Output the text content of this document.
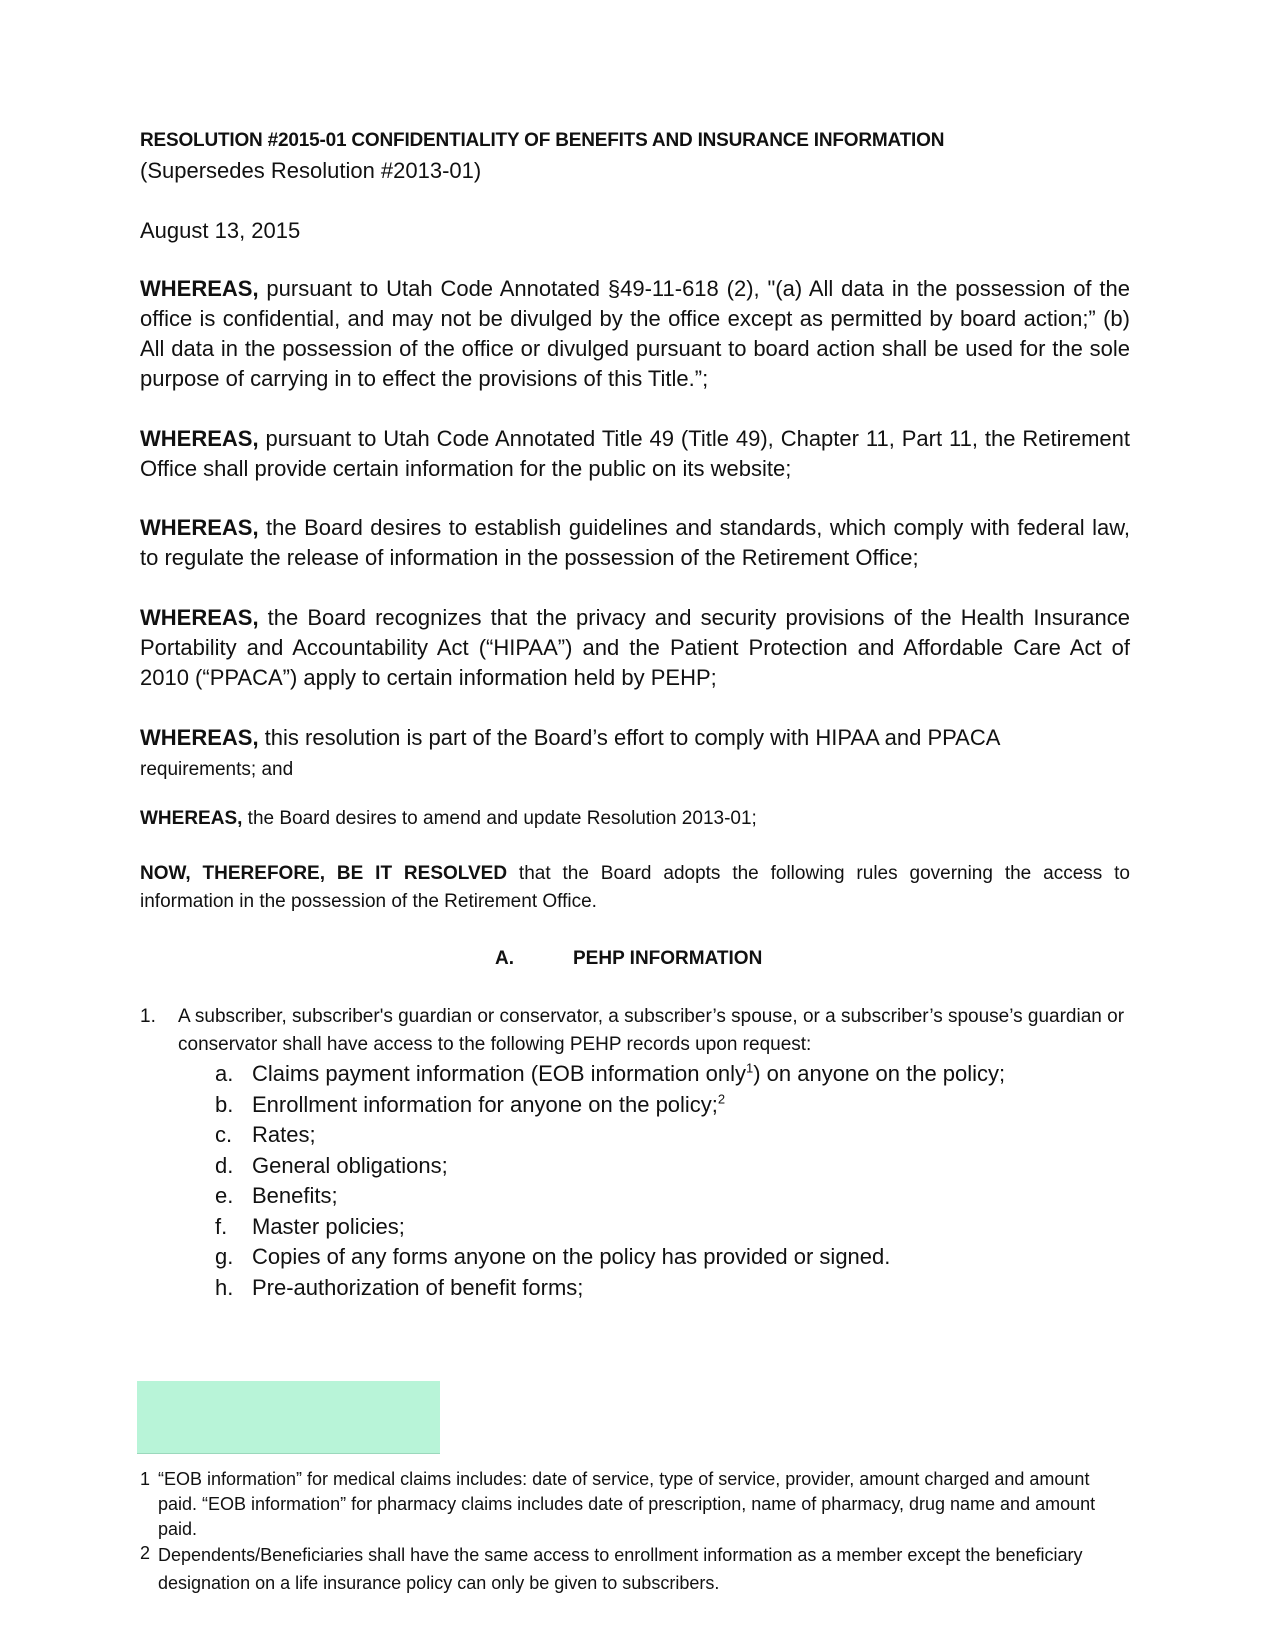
RESOLUTION #2015-01 CONFIDENTIALITY OF BENEFITS AND INSURANCE INFORMATION
(Supersedes Resolution #2013-01)
August 13, 2015
WHEREAS, pursuant to Utah Code Annotated §49-11-618 (2), "(a) All data in the possession of the office is confidential, and may not be divulged by the office except as permitted by board action;” (b) All data in the possession of the office or divulged pursuant to board action shall be used for the sole purpose of carrying in to effect the provisions of this Title.”;
WHEREAS, pursuant to Utah Code Annotated Title 49 (Title 49), Chapter 11, Part 11, the Retirement Office shall provide certain information for the public on its website;
WHEREAS, the Board desires to establish guidelines and standards, which comply with federal law, to regulate the release of information in the possession of the Retirement Office;
WHEREAS, the Board recognizes that the privacy and security provisions of the Health Insurance Portability and Accountability Act (“HIPAA”) and the Patient Protection and Affordable Care Act of 2010 (“PPACA”) apply to certain information held by PEHP;
WHEREAS, this resolution is part of the Board’s effort to comply with HIPAA and PPACA
requirements; and
WHEREAS, the Board desires to amend and update Resolution 2013-01;
NOW, THEREFORE, BE IT RESOLVED that the Board adopts the following rules governing the access to information in the possession of the Retirement Office.
A.	PEHP INFORMATION
1. A subscriber, subscriber's guardian or conservator, a subscriber’s spouse, or a subscriber’s spouse’s guardian or conservator shall have access to the following PEHP records upon request:
a. Claims payment information (EOB information only$^1$) on anyone on the policy;
b. Enrollment information for anyone on the policy;$^2$
c. Rates;
d. General obligations;
e. Benefits;
f. Master policies;
g. Copies of any forms anyone on the policy has provided or signed.
h. Pre-authorization of benefit forms;
1 “EOB information” for medical claims includes: date of service, type of service, provider, amount charged and amount paid. “EOB information” for pharmacy claims includes date of prescription, name of pharmacy, drug name and amount paid.
2 Dependents/Beneficiaries shall have the same access to enrollment information as a member except the beneficiary designation on a life insurance policy can only be given to subscribers.
